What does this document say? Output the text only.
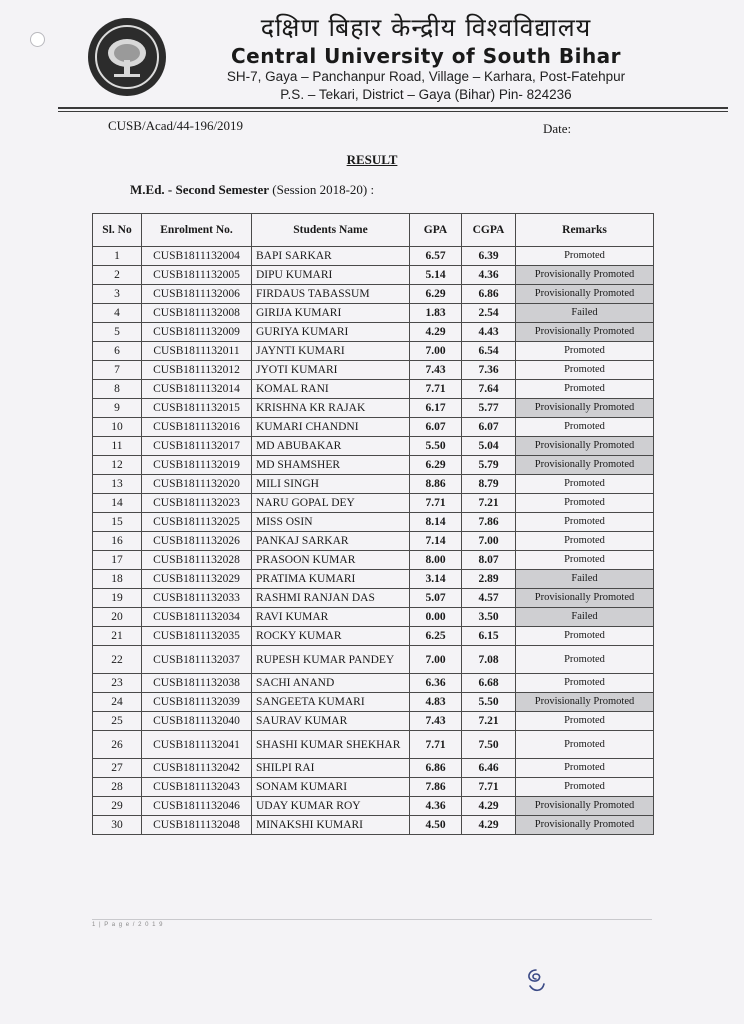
दक्षिण बिहार केन्द्रीय विश्वविद्यालय
Central University of South Bihar
SH-7, Gaya – Panchanpur Road, Village – Karhara, Post-Fatehpur
P.S. – Tekari, District – Gaya (Bihar) Pin- 824236
CUSB/Acad/44-196/2019	Date:
RESULT
M.Ed. - Second Semester (Session 2018-20) :
Sl. No	Enrolment No.	Students Name	GPA	CGPA	Remarks
1	CUSB1811132004	BAPI SARKAR	6.57	6.39	Promoted
2	CUSB1811132005	DIPU KUMARI	5.14	4.36	Provisionally Promoted
3	CUSB1811132006	FIRDAUS TABASSUM	6.29	6.86	Provisionally Promoted
4	CUSB1811132008	GIRIJA KUMARI	1.83	2.54	Failed
5	CUSB1811132009	GURIYA KUMARI	4.29	4.43	Provisionally Promoted
6	CUSB1811132011	JAYNTI KUMARI	7.00	6.54	Promoted
7	CUSB1811132012	JYOTI KUMARI	7.43	7.36	Promoted
8	CUSB1811132014	KOMAL RANI	7.71	7.64	Promoted
9	CUSB1811132015	KRISHNA KR RAJAK	6.17	5.77	Provisionally Promoted
10	CUSB1811132016	KUMARI CHANDNI	6.07	6.07	Promoted
11	CUSB1811132017	MD ABUBAKAR	5.50	5.04	Provisionally Promoted
12	CUSB1811132019	MD SHAMSHER	6.29	5.79	Provisionally Promoted
13	CUSB1811132020	MILI SINGH	8.86	8.79	Promoted
14	CUSB1811132023	NARU GOPAL DEY	7.71	7.21	Promoted
15	CUSB1811132025	MISS OSIN	8.14	7.86	Promoted
16	CUSB1811132026	PANKAJ SARKAR	7.14	7.00	Promoted
17	CUSB1811132028	PRASOON KUMAR	8.00	8.07	Promoted
18	CUSB1811132029	PRATIMA KUMARI	3.14	2.89	Failed
19	CUSB1811132033	RASHMI RANJAN DAS	5.07	4.57	Provisionally Promoted
20	CUSB1811132034	RAVI KUMAR	0.00	3.50	Failed
21	CUSB1811132035	ROCKY KUMAR	6.25	6.15	Promoted
22	CUSB1811132037	RUPESH KUMAR PANDEY	7.00	7.08	Promoted
23	CUSB1811132038	SACHI ANAND	6.36	6.68	Promoted
24	CUSB1811132039	SANGEETA KUMARI	4.83	5.50	Provisionally Promoted
25	CUSB1811132040	SAURAV KUMAR	7.43	7.21	Promoted
26	CUSB1811132041	SHASHI KUMAR SHEKHAR	7.71	7.50	Promoted
27	CUSB1811132042	SHILPI RAI	6.86	6.46	Promoted
28	CUSB1811132043	SONAM KUMARI	7.86	7.71	Promoted
29	CUSB1811132046	UDAY KUMAR ROY	4.36	4.29	Provisionally Promoted
30	CUSB1811132048	MINAKSHI KUMARI	4.50	4.29	Provisionally Promoted
1 | P a g e / 2 0 1 9
